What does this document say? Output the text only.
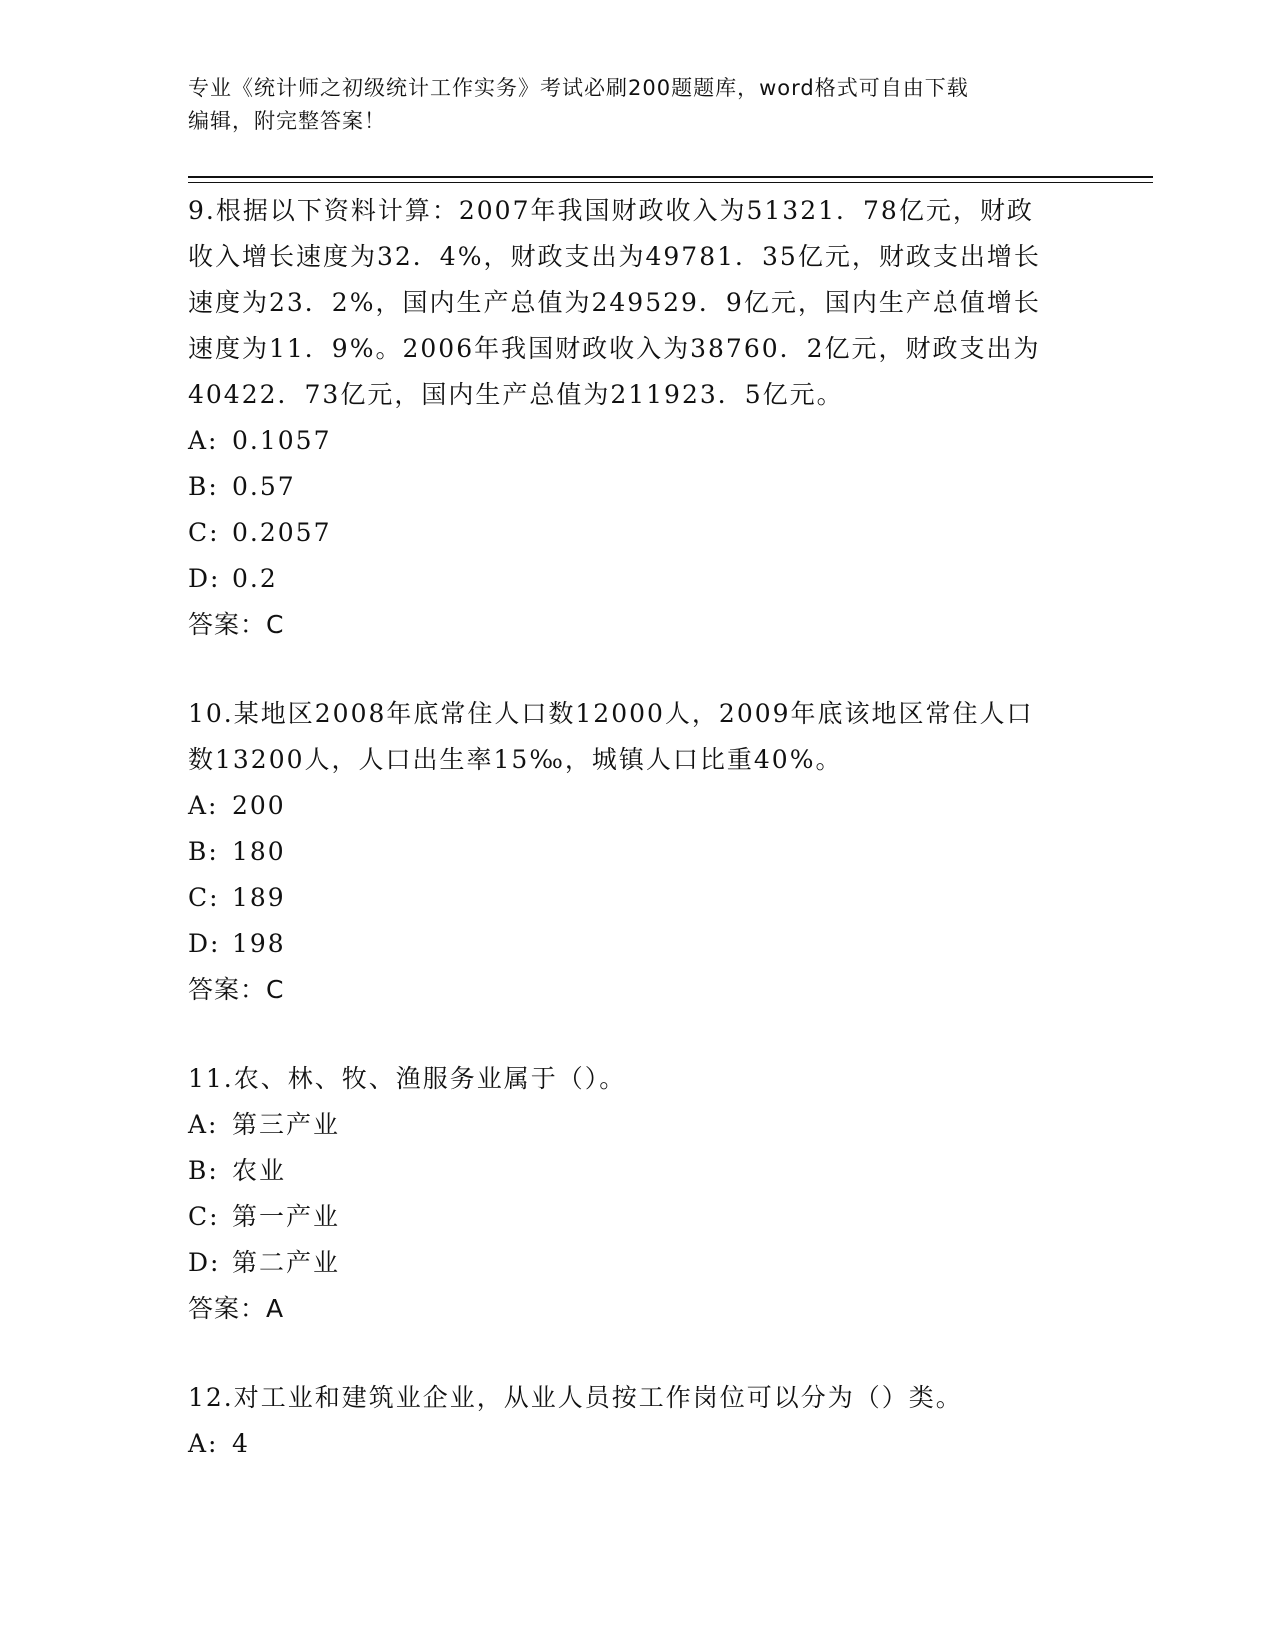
专业《统计师之初级统计工作实务》考试必刷200题题库，word格式可自由下载
编辑，附完整答案！
9.根据以下资料计算：2007年我国财政收入为51321．78亿元，财政
收入增长速度为32．4%，财政支出为49781．35亿元，财政支出增长
速度为23．2%，国内生产总值为249529．9亿元，国内生产总值增长
速度为11．9%。2006年我国财政收入为38760．2亿元，财政支出为
40422．73亿元，国内生产总值为211923．5亿元。
A: 0.1057
B: 0.57
C: 0.2057
D: 0.2
答案：C
10.某地区2008年底常住人口数12000人，2009年底该地区常住人口
数13200人，人口出生率15‰，城镇人口比重40%。
A: 200
B: 180
C: 189
D: 198
答案：C
11.农、林、牧、渔服务业属于（）。
A: 第三产业
B: 农业
C: 第一产业
D: 第二产业
答案：A
12.对工业和建筑业企业，从业人员按工作岗位可以分为（）类。
A: 4
